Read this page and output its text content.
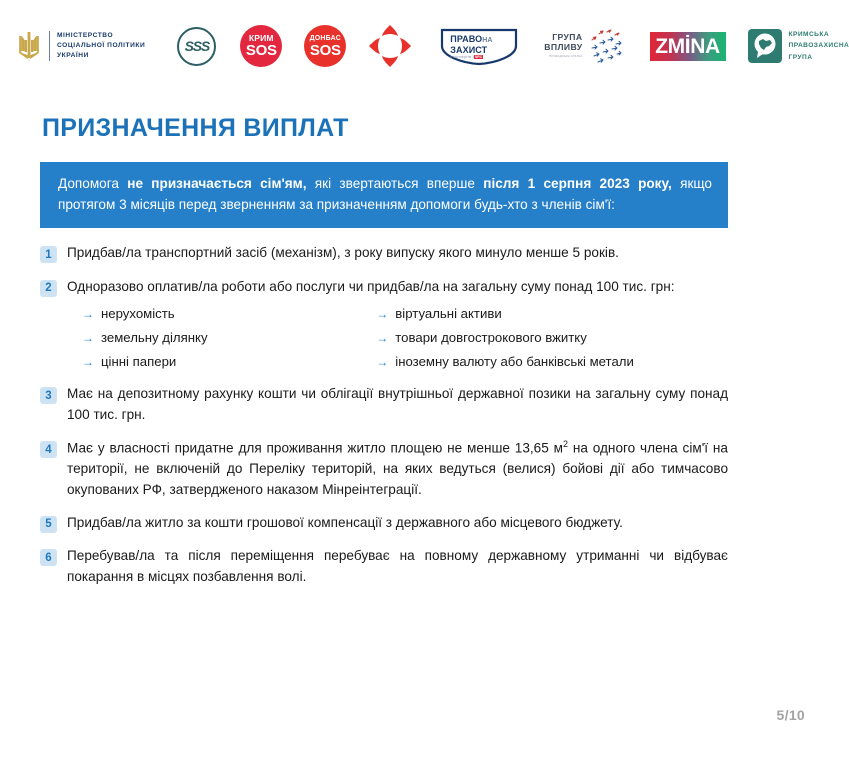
МІНІСТЕРСТВО
СОЦІАЛЬНОЇ ПОЛІТИКИ
УКРАЇНИ
SSS
КРИМ
SOS
ДОНБАС
SOS	ВЕРТАЙСЯ
SOS
ПРАВОНА
ЗАХИСТ
у партнерстві зNRC
ГРУПА
ВПЛИВУ
ГРОМАДСЬКА СПІЛКА	ZMİNA	КРИМСЬКА
ПРАВОЗАХИСНА
ГРУПА
ПРИЗНАЧЕННЯ ВИПЛАТ
Допомога не призначається сім'ям, які звертаються вперше після 1 серпня 2023 року, якщо протягом 3 місяців перед зверненням за призначенням допомоги будь-хто з членів сім'ї:
1	Придбав/ла транспортний засіб (механізм), з року випуску якого минуло менше 5 років.
2	Одноразово оплатив/ла роботи або послуги чи придбав/ла на загальну суму понад 100 тис. грн:
→ нерухомість	→ віртуальні активи
→ земельну ділянку	→ товари довгострокового вжитку
→ цінні папери	→ іноземну валюту або банківські метали
3	Має на депозитному рахунку кошти чи облігації внутрішньої державної позики на загальну суму понад 100 тис. грн.
4	Має у власності придатне для проживання житло площею не менше 13,65 $м^2$ на одного члена сім'ї на території, не включеній до Переліку територій, на яких ведуться (велися) бойові дії або тимчасово окупованих РФ, затвердженого наказом Мінреінтеграції.
5	Придбав/ла житло за кошти грошової компенсації з державного або місцевого бюджету.
6	Перебував/ла та після переміщення перебуває на повному державному утриманні чи відбуває покарання в місцях позбавлення волі.
5/10
